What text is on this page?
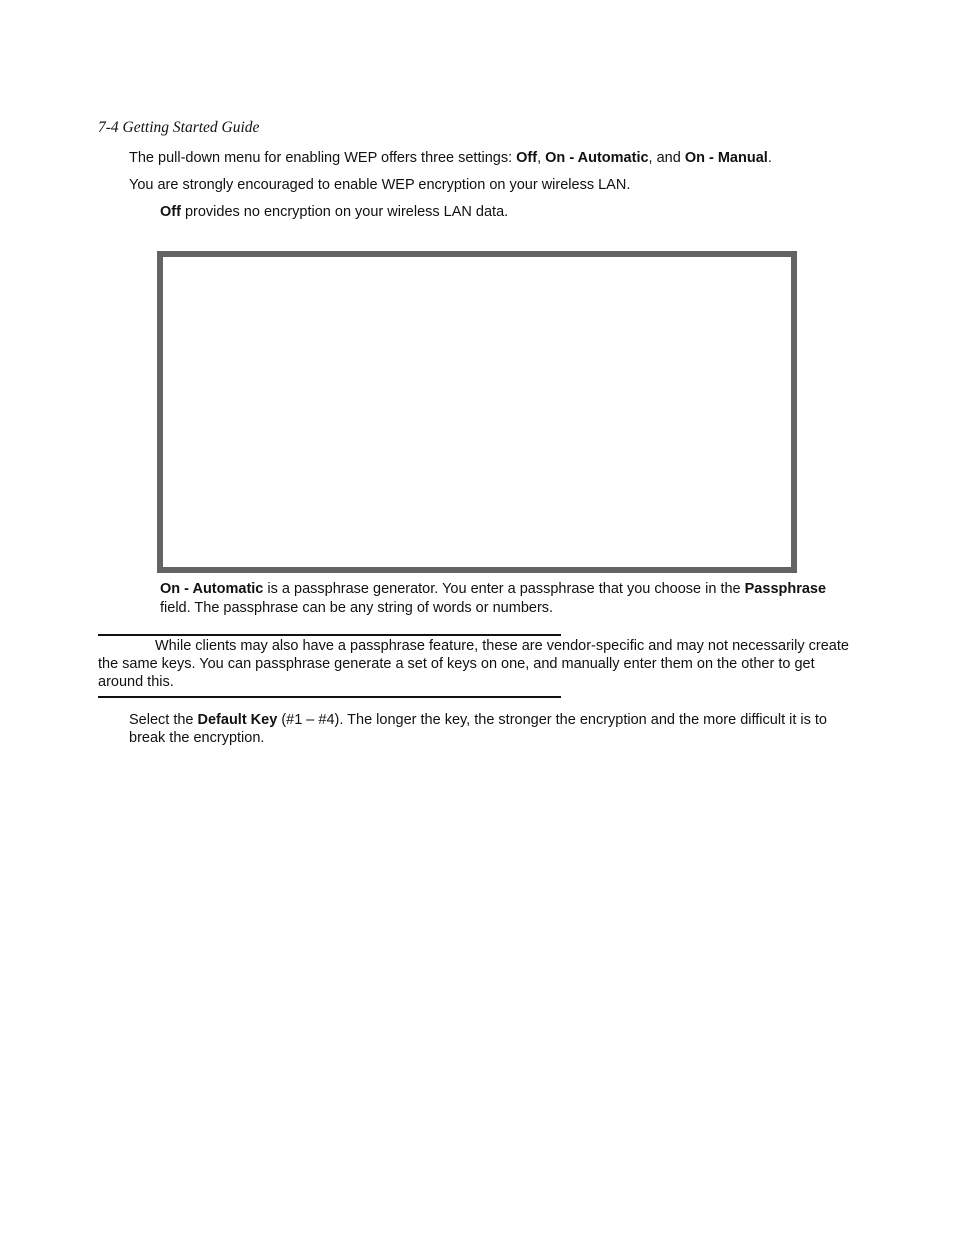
7-4 Getting Started Guide
The pull-down menu for enabling WEP offers three settings: Off, On - Automatic, and On - Manual.
You are strongly encouraged to enable WEP encryption on your wireless LAN.
Off provides no encryption on your wireless LAN data.
On - Automatic is a passphrase generator. You enter a passphrase that you choose in the Passphrase field. The passphrase can be any string of words or numbers.
While clients may also have a passphrase feature, these are vendor-specific and may not necessarily create the same keys. You can passphrase generate a set of keys on one, and manually enter them on the other to get around this.
Select the Default Key (#1 – #4). The longer the key, the stronger the encryption and the more difficult it is to break the encryption.
